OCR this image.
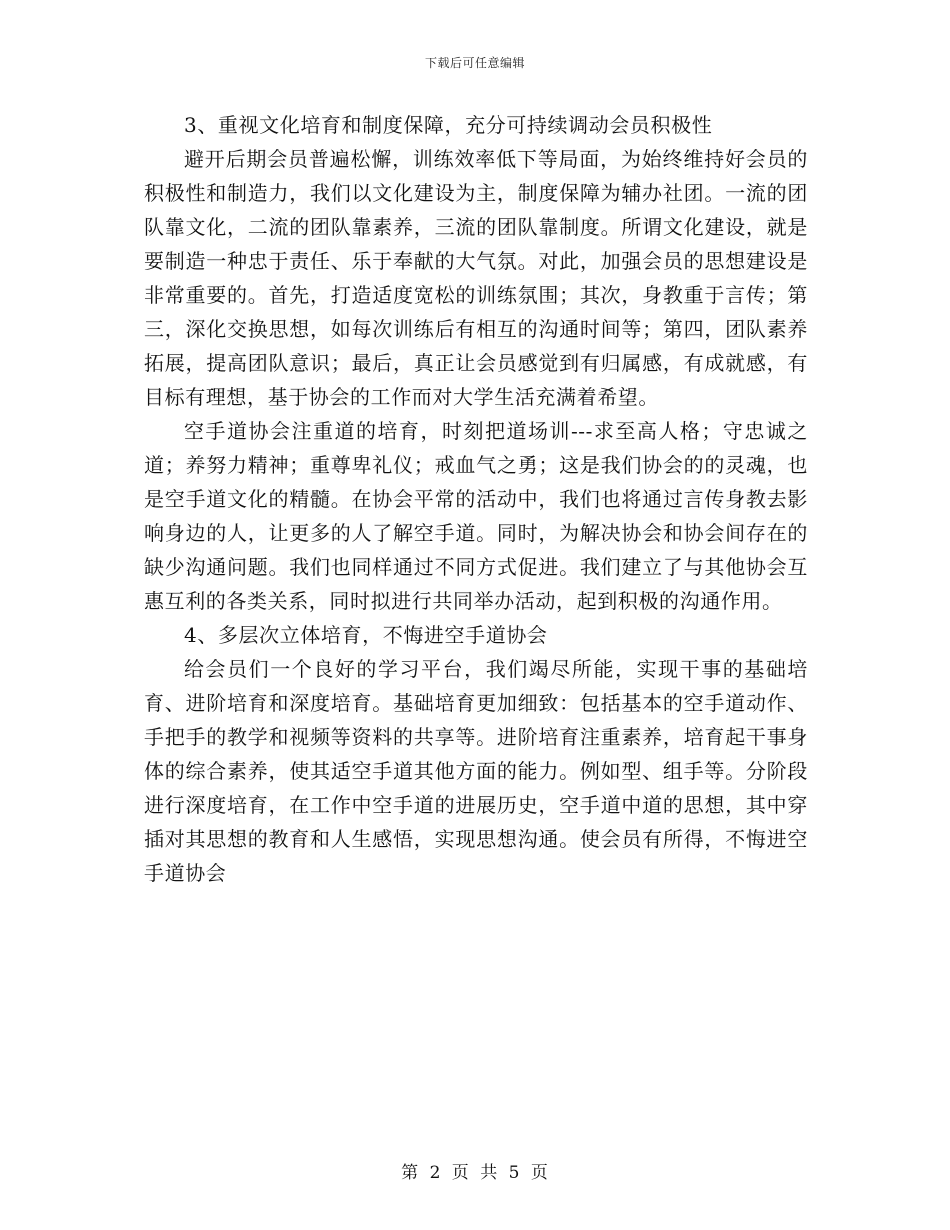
下载后可任意编辑

3、重视文化培育和制度保障，充分可持续调动会员积极性

避开后期会员普遍松懈，训练效率低下等局面，为始终维持好会员的积极性和制造力，我们以文化建设为主，制度保障为辅办社团。一流的团队靠文化，二流的团队靠素养，三流的团队靠制度。所谓文化建设，就是要制造一种忠于责任、乐于奉献的大气氛。对此，加强会员的思想建设是非常重要的。首先，打造适度宽松的训练氛围；其次，身教重于言传；第三，深化交换思想，如每次训练后有相互的沟通时间等；第四，团队素养拓展，提高团队意识；最后，真正让会员感觉到有归属感，有成就感，有目标有理想，基于协会的工作而对大学生活充满着希望。

空手道协会注重道的培育，时刻把道场训---求至高人格；守忠诚之道；养努力精神；重尊卑礼仪；戒血气之勇；这是我们协会的的灵魂，也是空手道文化的精髓。在协会平常的活动中，我们也将通过言传身教去影响身边的人，让更多的人了解空手道。同时，为解决协会和协会间存在的缺少沟通问题。我们也同样通过不同方式促进。我们建立了与其他协会互惠互利的各类关系，同时拟进行共同举办活动，起到积极的沟通作用。

4、多层次立体培育，不悔进空手道协会

给会员们一个良好的学习平台，我们竭尽所能，实现干事的基础培育、进阶培育和深度培育。基础培育更加细致：包括基本的空手道动作、手把手的教学和视频等资料的共享等。进阶培育注重素养，培育起干事身体的综合素养，使其适空手道其他方面的能力。例如型、组手等。分阶段进行深度培育，在工作中空手道的进展历史，空手道中道的思想，其中穿插对其思想的教育和人生感悟，实现思想沟通。使会员有所得，不悔进空手道协会

第 2 页 共 5 页
